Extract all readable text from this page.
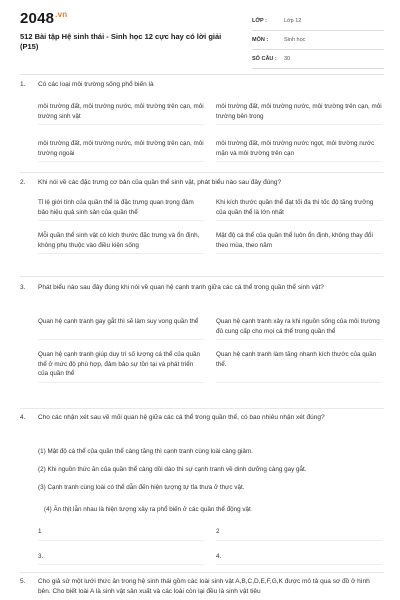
$2048^{.vn}$
512 Bài tập Hệ sinh thái - Sinh học 12 cực hay có lời giải (P15)
LỚP :	Lớp 12
MÔN :	Sinh học
SỐ CÂU :	30
1.	Có các loại môi trường sống phổ biến là
môi trường đất, môi trường nước, môi trường trên cạn, môi trường sinh vật
môi trường đất, môi trường nước, môi trường trên cạn, môi trường bên trong
môi trường đất, môi trường nước, môi trường trên cạn, môi trường ngoài
môi trường đất, môi trường nước ngọt, môi trường nước mặn và môi trường trên cạn
2.	Khi nói về các đặc trưng cơ bản của quần thể sinh vật, phát biểu nào sau đây đúng?
Tỉ lệ giới tính của quần thể là đặc trưng quan trọng đảm bảo hiệu quả sinh sản của quần thể
Khi kích thước quần thể đạt tối đa thì tốc độ tăng trưởng của quần thể là lớn nhất
Mỗi quần thể sinh vật có kích thước đặc trưng và ổn định, không phụ thuộc vào điều kiện sống
Mật độ cá thể của quần thể luôn ổn định, không thay đổi theo mùa, theo năm
3.	Phát biểu nào sau đây đúng khi nói về quan hệ cạnh tranh giữa các cá thể trong quần thể sinh vật?
Quan hệ cạnh tranh gay gắt thì sẽ làm suy vong quần thể	Quan hệ cạnh tranh xảy ra khi nguồn sống của môi trường đủ cung cấp cho mọi cá thể trong quần thể
Quan hệ cạnh tranh giúp duy trì số lượng cá thể của quần thể ở mức độ phù hợp, đảm bảo sự tồn tại và phát triển của quần thể
Quan hệ cạnh tranh làm tăng nhanh kích thước của quần thể.
4.	Cho các nhận xét sau về mối quan hệ giữa các cá thể trong quần thể, có bao nhiêu nhận xét đúng?
(1) Mật độ cá thể của quần thể càng tăng thì cạnh tranh cùng loài càng giảm.
(2) Khi nguồn thức ăn của quần thể càng dồi dào thì sự cạnh tranh về dinh dưỡng càng gay gắt.
(3) Cạnh tranh cùng loài có thể dẫn đến hiện tượng tự tỉa thưa ở thực vật.
(4) Ăn thịt lẫn nhau là hiện tượng xảy ra phổ biến ở các quần thể động vật
1	2
3.	4.
5.	Cho giả sử một lưới thức ăn trong hệ sinh thái gồm các loài sinh vật A,B,C,D,E,F,G,K được mô tả qua sơ đồ ở hình bên. Cho biết loài A là sinh vật sản xuất và các loài còn lại đều là sinh vật tiêu
